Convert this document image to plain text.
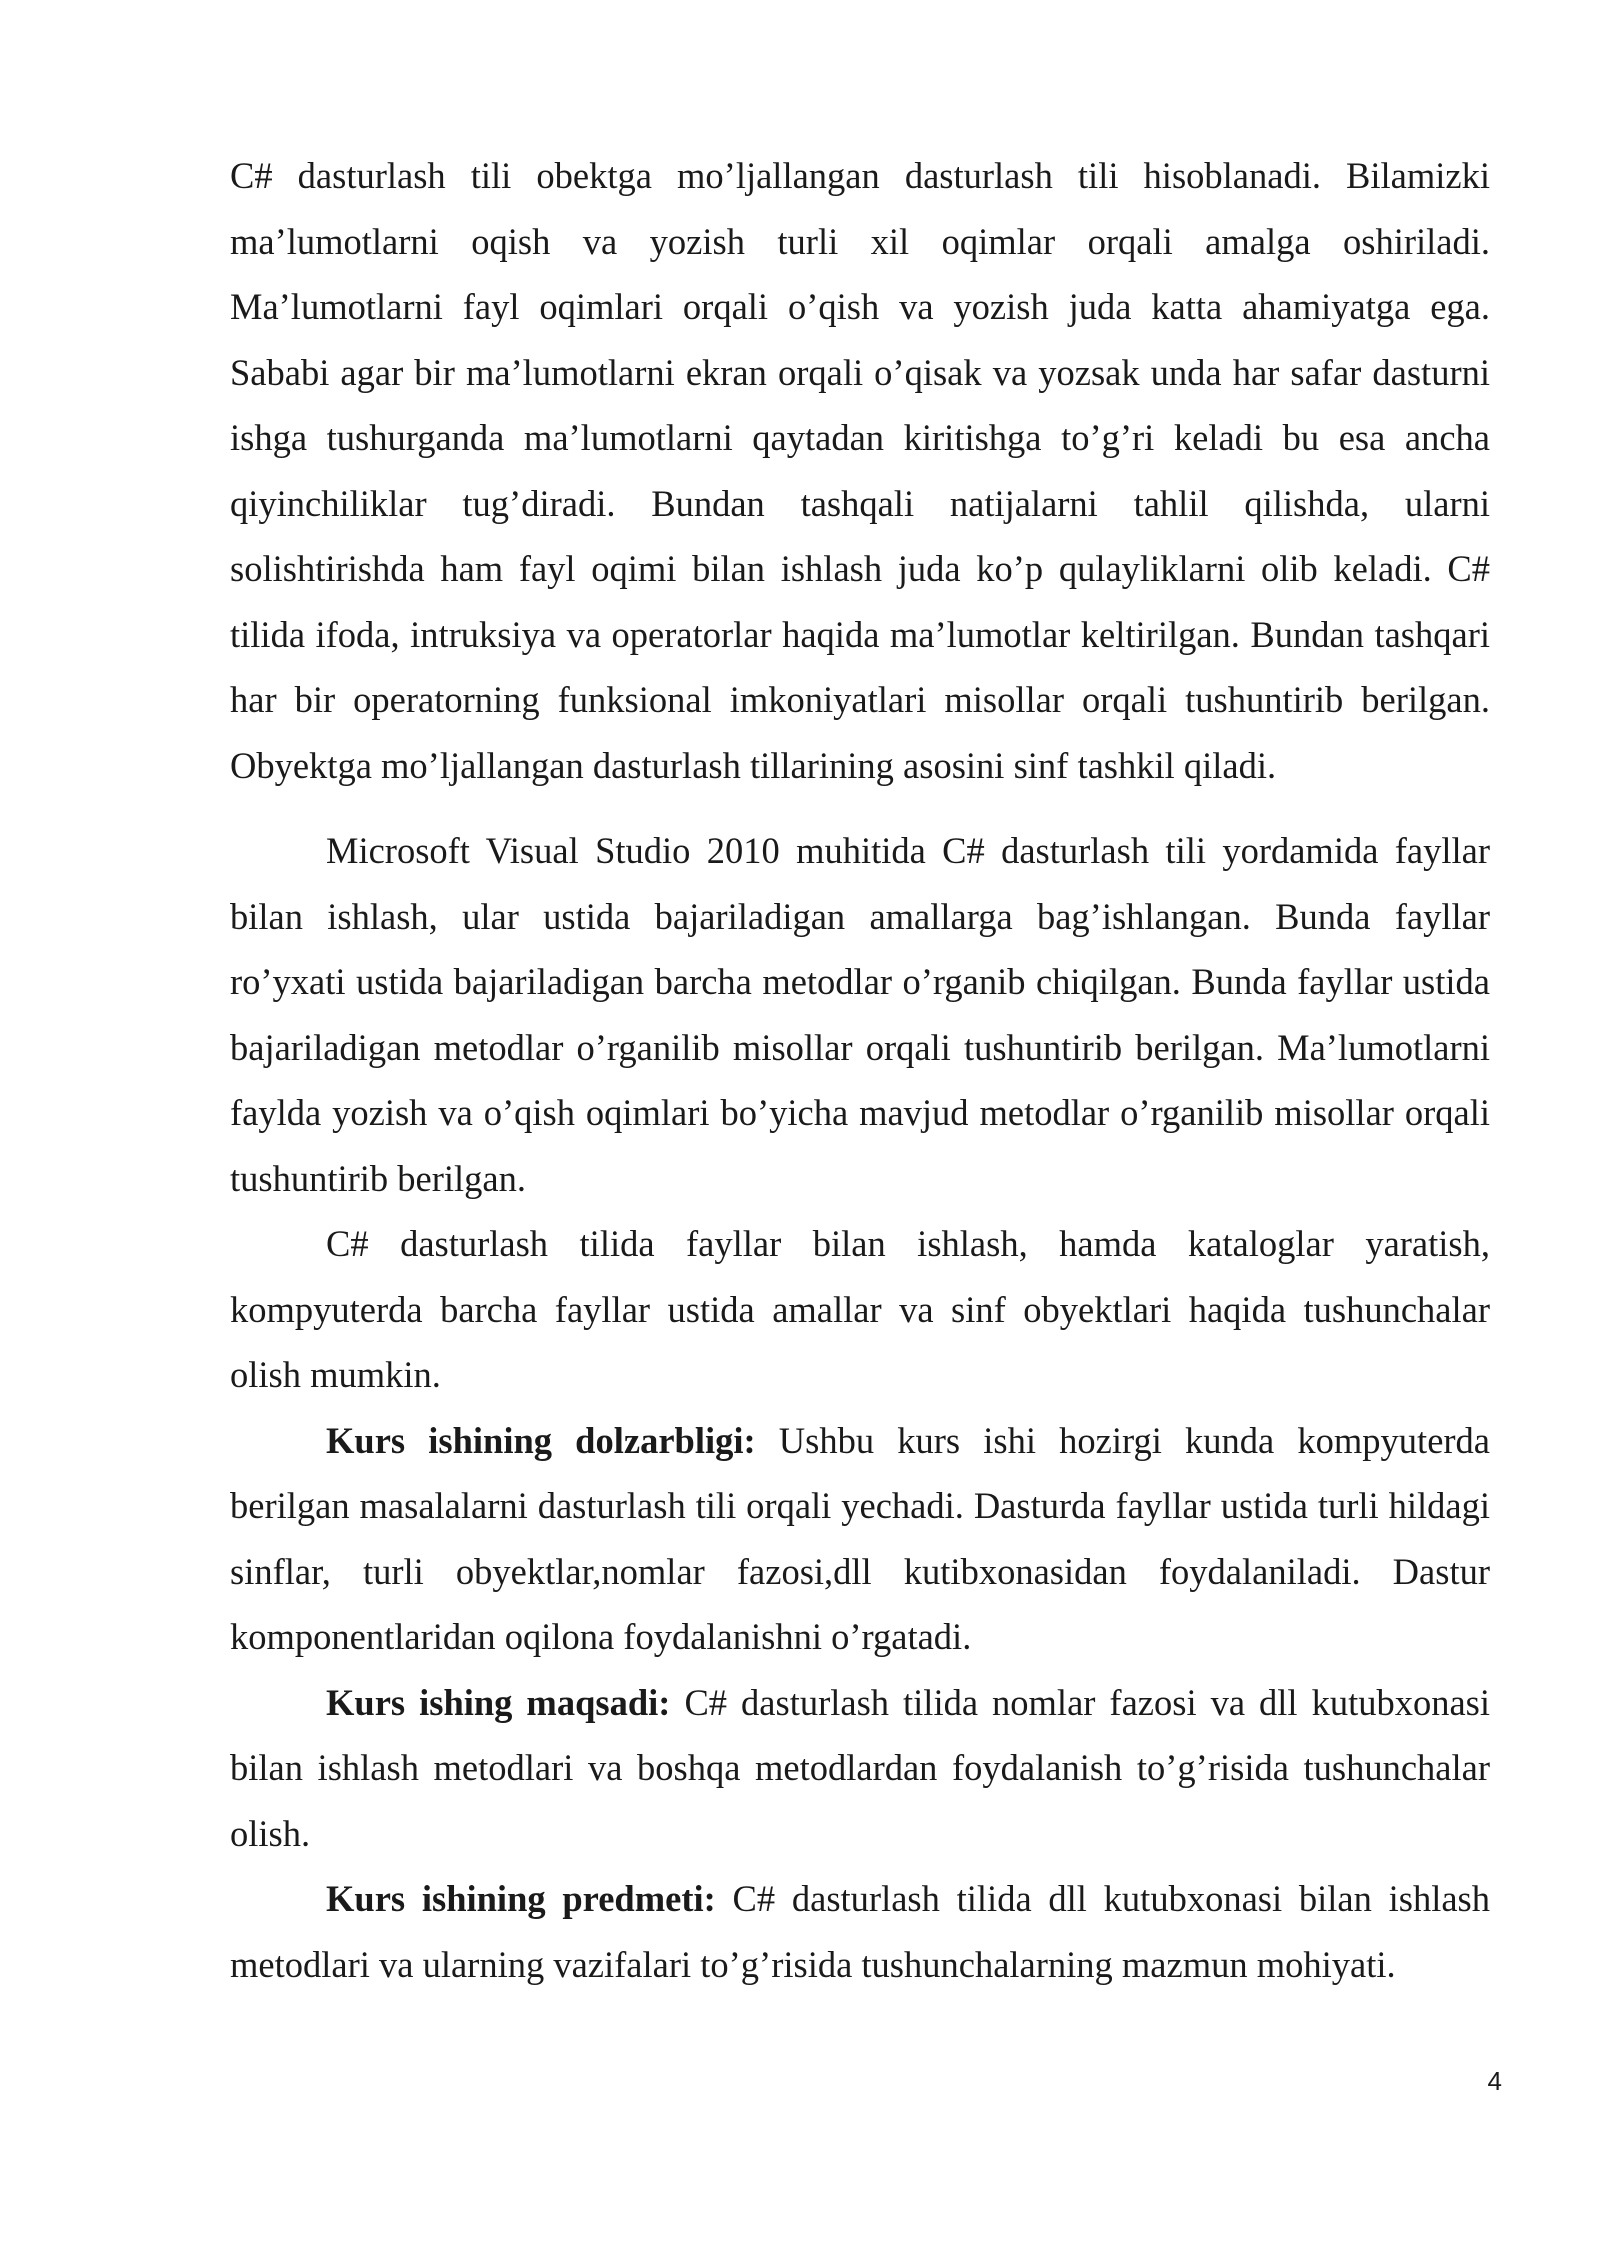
C# dasturlash tili obektga mo’ljallangan dasturlash tili hisoblanadi. Bilamizki ma’lumotlarni oqish va yozish turli xil oqimlar orqali amalga oshiriladi. Ma’lumotlarni fayl oqimlari orqali o’qish va yozish juda katta ahamiyatga ega. Sababi agar bir ma’lumotlarni ekran orqali o’qisak va yozsak unda har safar dasturni ishga tushurganda ma’lumotlarni qaytadan kiritishga to’g’ri keladi bu esa ancha qiyinchiliklar tug’diradi. Bundan tashqali natijalarni tahlil qilishda, ularni solishtirishda ham fayl oqimi bilan ishlash juda ko’p qulayliklarni olib keladi. C# tilida ifoda, intruksiya va operatorlar haqida ma’lumotlar keltirilgan. Bundan tashqari har bir operatorning funksional imkoniyatlari misollar orqali tushuntirib berilgan. Obyektga mo’ljallangan dasturlash tillarining asosini sinf tashkil qiladi.

Microsoft Visual Studio 2010 muhitida C# dasturlash tili yordamida fayllar bilan ishlash, ular ustida bajariladigan amallarga bag’ishlangan. Bunda fayllar ro’yxati ustida bajariladigan barcha metodlar o’rganib chiqilgan. Bunda fayllar ustida bajariladigan metodlar o’rganilib misollar orqali tushuntirib berilgan. Ma’lumotlarni faylda yozish va o’qish oqimlari bo’yicha mavjud metodlar o’rganilib misollar orqali tushuntirib berilgan.

C# dasturlash tilida fayllar bilan ishlash, hamda kataloglar yaratish, kompyuterda barcha fayllar ustida amallar va sinf obyektlari haqida tushunchalar olish mumkin.

Kurs ishining dolzarbligi: Ushbu kurs ishi hozirgi kunda kompyuterda berilgan masalalarni dasturlash tili orqali yechadi. Dasturda fayllar ustida turli hildagi sinflar, turli obyektlar,nomlar fazosi,dll kutibxonasidan foydalaniladi. Dastur komponentlaridan oqilona foydalanishni o’rgatadi.

Kurs ishing maqsadi: C# dasturlash tilida nomlar fazosi va dll kutubxonasi bilan ishlash metodlari va boshqa metodlardan foydalanish to’g’risida tushunchalar olish.

Kurs ishining predmeti: C# dasturlash tilida dll kutubxonasi bilan ishlash metodlari va ularning vazifalari to’g’risida tushunchalarning mazmun mohiyati.

4
